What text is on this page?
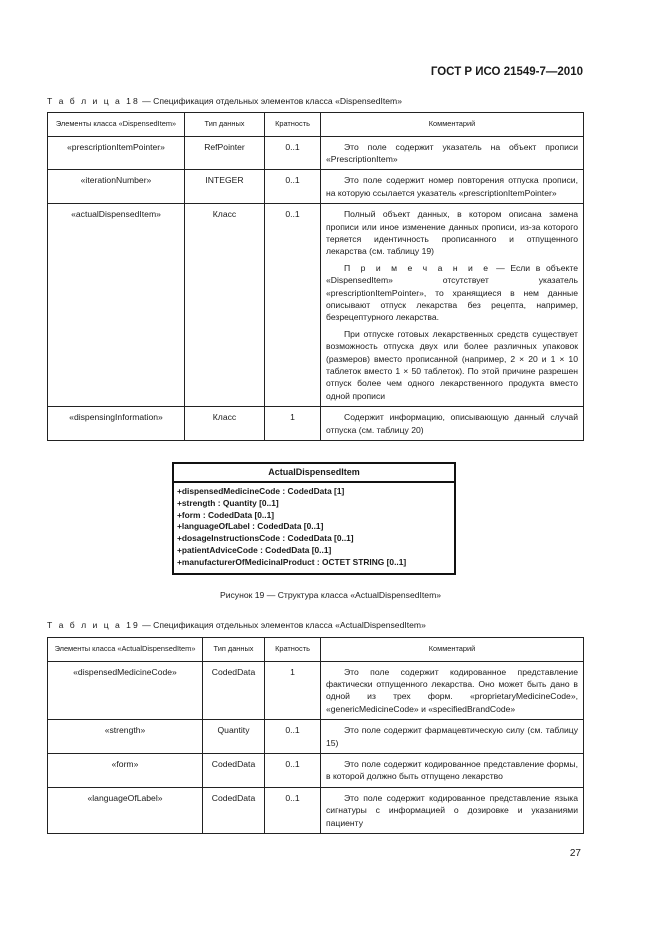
ГОСТ Р ИСО 21549-7—2010
Т а б л и ц а 18 — Спецификация отдельных элементов класса «DispensedItem»
Элементы класса «DispensedItem»	Тип данных	Кратность	Комментарий
«prescriptionItemPointer»	RefPointer	0..1	Это поле содержит указатель на объект прописи «PrescriptionItem»

«iterationNumber»	INTEGER	0..1	Это поле содержит номер повторения отпуска прописи, на которую ссылается указатель «prescriptionItemPointer»

«actualDispensedItem»	Класс	0..1	Полный объект данных, в котором описана замена прописи или иное изменение данных прописи, из-за которого теряется идентичность прописанного и отпущенного лекарства (см. таблицу 19)

П р и м е ч а н и е — Если в объекте «DispensedItem» отсутствует указатель «prescriptionItemPointer», то хранящиеся в нем данные описывают отпуск лекарства без рецепта, например, безрецептурного лекарства.

При отпуске готовых лекарственных средств существует возможность отпуска двух или более различных упаковок (размеров) вместо прописанной (например, 2 × 20 и 1 × 10 таблеток вместо 1 × 50 таблеток). По этой причине разрешен отпуск более чем одного лекарственного продукта вместо одной прописи

«dispensingInformation»	Класс	1	Содержит информацию, описывающую данный случай отпуска (см. таблицу 20)

ActualDispensedItem
+dispensedMedicineCode : CodedData [1]
+strength : Quantity [0..1]
+form : CodedData [0..1]
+languageOfLabel : CodedData [0..1]
+dosageInstructionsCode : CodedData [0..1]
+patientAdviceCode : CodedData [0..1]
+manufacturerOfMedicinalProduct : OCTET STRING [0..1]
Рисунок 19 — Структура класса «ActualDispensedItem»
Т а б л и ц а 19 — Спецификация отдельных элементов класса «ActualDispensedItem»
Элементы класса «ActualDispensedItem»	Тип данных	Кратность	Комментарий
«dispensedMedicineCode»	CodedData	1	Это поле содержит кодированное представление фактически отпущенного лекарства. Оно может быть дано в одной из трех форм. «proprietaryMedicineCode», «genericMedicineCode» и «specifiedBrandCode»

«strength»	Quantity	0..1	Это поле содержит фармацевтическую силу (см. таблицу 15)

«form»	CodedData	0..1	Это поле содержит кодированное представление формы, в которой должно быть отпущено лекарство

«languageOfLabel»	CodedData	0..1	Это поле содержит кодированное представление языка сигнатуры с информацией о дозировке и указаниями пациенту

27
